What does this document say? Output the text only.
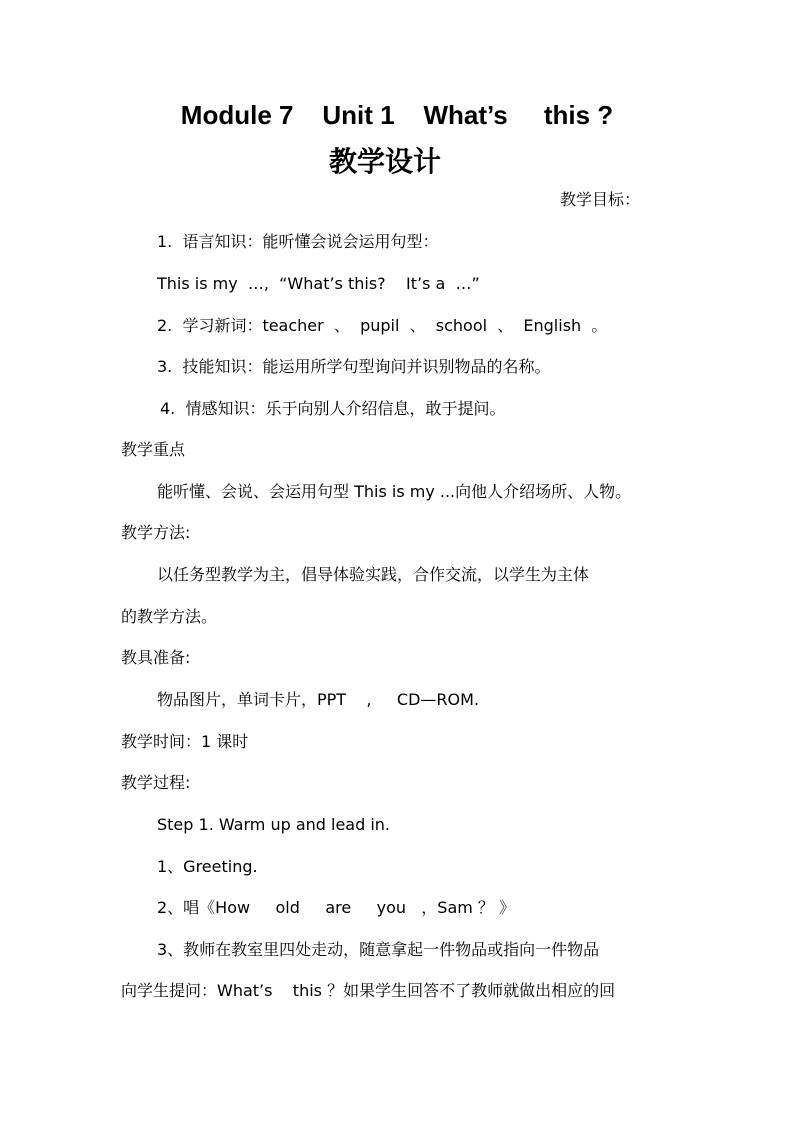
Module 7    Unit 1    What’s     this ?
教学设计
教学目标：
1.  语言知识：能听懂会说会运用句型：
This is my  …,  “What’s this?    It’s a  …”
2.  学习新词：teacher  、  pupil  、  school  、  English  。
3.  技能知识：能运用所学句型询问并识别物品的名称。
4.  情感知识：乐于向别人介绍信息，敢于提问。
教学重点
能听懂、会说、会运用句型 This is my ...向他人介绍场所、人物。
教学方法:
以任务型教学为主，倡导体验实践，合作交流，以学生为主体
的教学方法。
教具准备:
物品图片，单词卡片，PPT    ,     CD—ROM.
教学时间：1 课时
教学过程:
Step 1. Warm up and lead in.
1、Greeting.
2、唱《How     old     are     you   ，Sam ？ 》
3、教师在教室里四处走动，随意拿起一件物品或指向一件物品
向学生提问：What’s    this ？如果学生回答不了教师就做出相应的回
